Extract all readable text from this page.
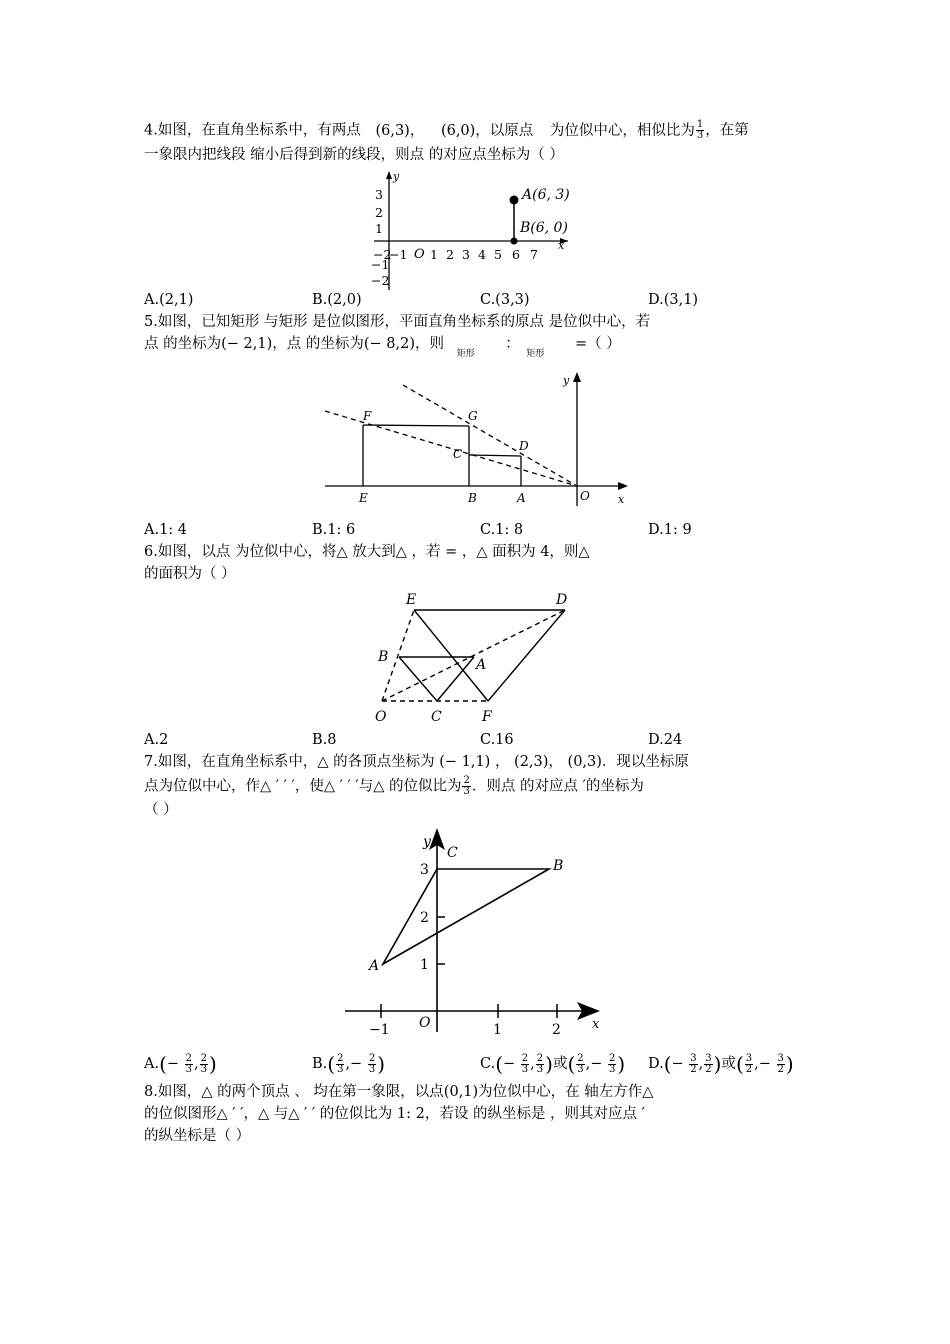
4.如图，在直角坐标系中，有两点 (6,3)， (6,0)，以原点 为位似中心，相似比为 $\frac{1}{3}$ ，在第
一象限内把线段 缩小后得到新的线段，则点 的对应点坐标为（ ）
y
x
O
3
2
1
−1
−2
−2
−1 1 2 3 4 5 6 7
A(6, 3)
B(6, 0)
A.(2,1)	B.(2,0)	C.(3,3)	D.(3,1)
5.如图，已知矩形 与矩形 是位似图形，平面直角坐标系的原点 是位似中心，若
点 的坐标为(− 2,1)，点 的坐标为(− 8,2)，则 $_{矩形}$ ： $_{矩形}$ =（ ）
y
x
F	G
C
D
E	B	A	O
A.1: 4	B.1: 6	C.1: 8	D.1: 9
6.如图，以点 为位似中心，将△ 放大到△ ，若 = ，△ 面积为 4，则△
的面积为（ ）
E	D
B	A
O	C	F
A.2	B.8	C.16	D.24
7.如图，在直角坐标系中，△ 的各顶点坐标为 (− 1,1) ， (2,3)， (0,3)．现以坐标原
点为位似中心，作△ ′ ′ ′，使△ ′ ′ ′与△ 的位似比为 $\frac{2}{3}$ ．则点 的对应点 ′的坐标为
（ ）
y
x
O
3
2
1
−1	1	2
C
B
A
$A.(- \frac{2}{3}$ , $\frac{2}{3}$ )	$B.( \frac{2}{3}$ ,− $\frac{2}{3}$ )	$C.(- \frac{2}{3}$ , $\frac{2}{3}$ )或( $\frac{2}{3}$ ,− $\frac{2}{3}$ ) $D.(- \frac{3}{2}$ , $\frac{3}{2}$ )或( $\frac{3}{2}$ ,− $\frac{3}{2}$ )
8.如图，△ 的两个顶点 、 均在第一象限，以点(0,1)为位似中心，在 轴左方作△
的位似图形△ ′ ′，△ 与△ ′ ′ 的位似比为 1: 2，若设 的纵坐标是 ，则其对应点 ′
的纵坐标是（ ）
